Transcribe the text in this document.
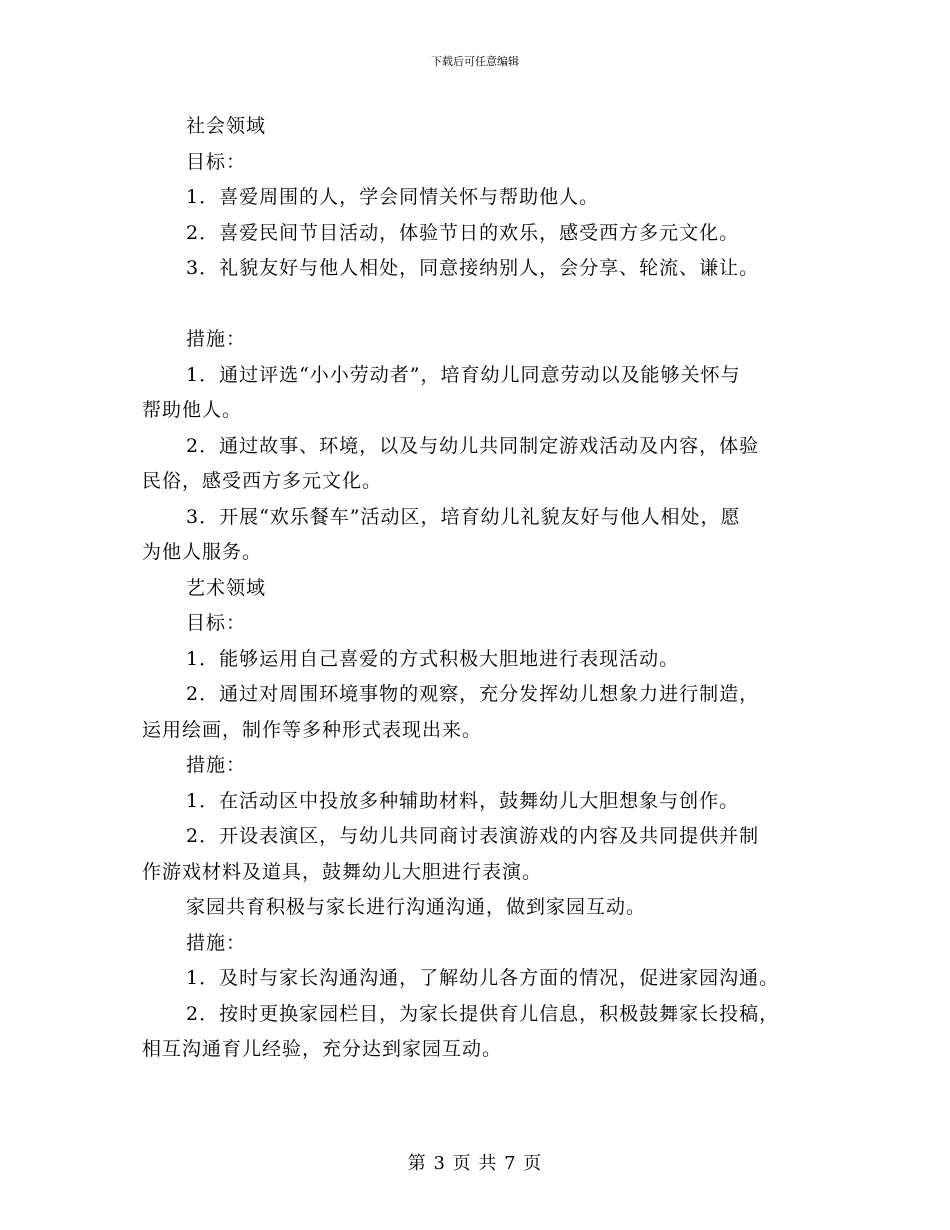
下载后可任意编辑

社会领域

目标：

1．喜爱周围的人，学会同情关怀与帮助他人。

2．喜爱民间节目活动，体验节日的欢乐，感受西方多元文化。

3．礼貌友好与他人相处，同意接纳别人，会分享、轮流、谦让。

措施：

1．通过评选“小小劳动者”，培育幼儿同意劳动以及能够关怀与

帮助他人。

2．通过故事、环境，以及与幼儿共同制定游戏活动及内容，体验

民俗，感受西方多元文化。

3．开展“欢乐餐车”活动区，培育幼儿礼貌友好与他人相处，愿

为他人服务。

艺术领域

目标：

1．能够运用自己喜爱的方式积极大胆地进行表现活动。

2．通过对周围环境事物的观察，充分发挥幼儿想象力进行制造，

运用绘画，制作等多种形式表现出来。

措施：

1．在活动区中投放多种辅助材料，鼓舞幼儿大胆想象与创作。

2．开设表演区，与幼儿共同商讨表演游戏的内容及共同提供并制

作游戏材料及道具，鼓舞幼儿大胆进行表演。

家园共育积极与家长进行沟通沟通，做到家园互动。

措施：

1．及时与家长沟通沟通，了解幼儿各方面的情况，促进家园沟通。

2．按时更换家园栏目，为家长提供育儿信息，积极鼓舞家长投稿，

相互沟通育儿经验，充分达到家园互动。

第 3 页 共 7 页
